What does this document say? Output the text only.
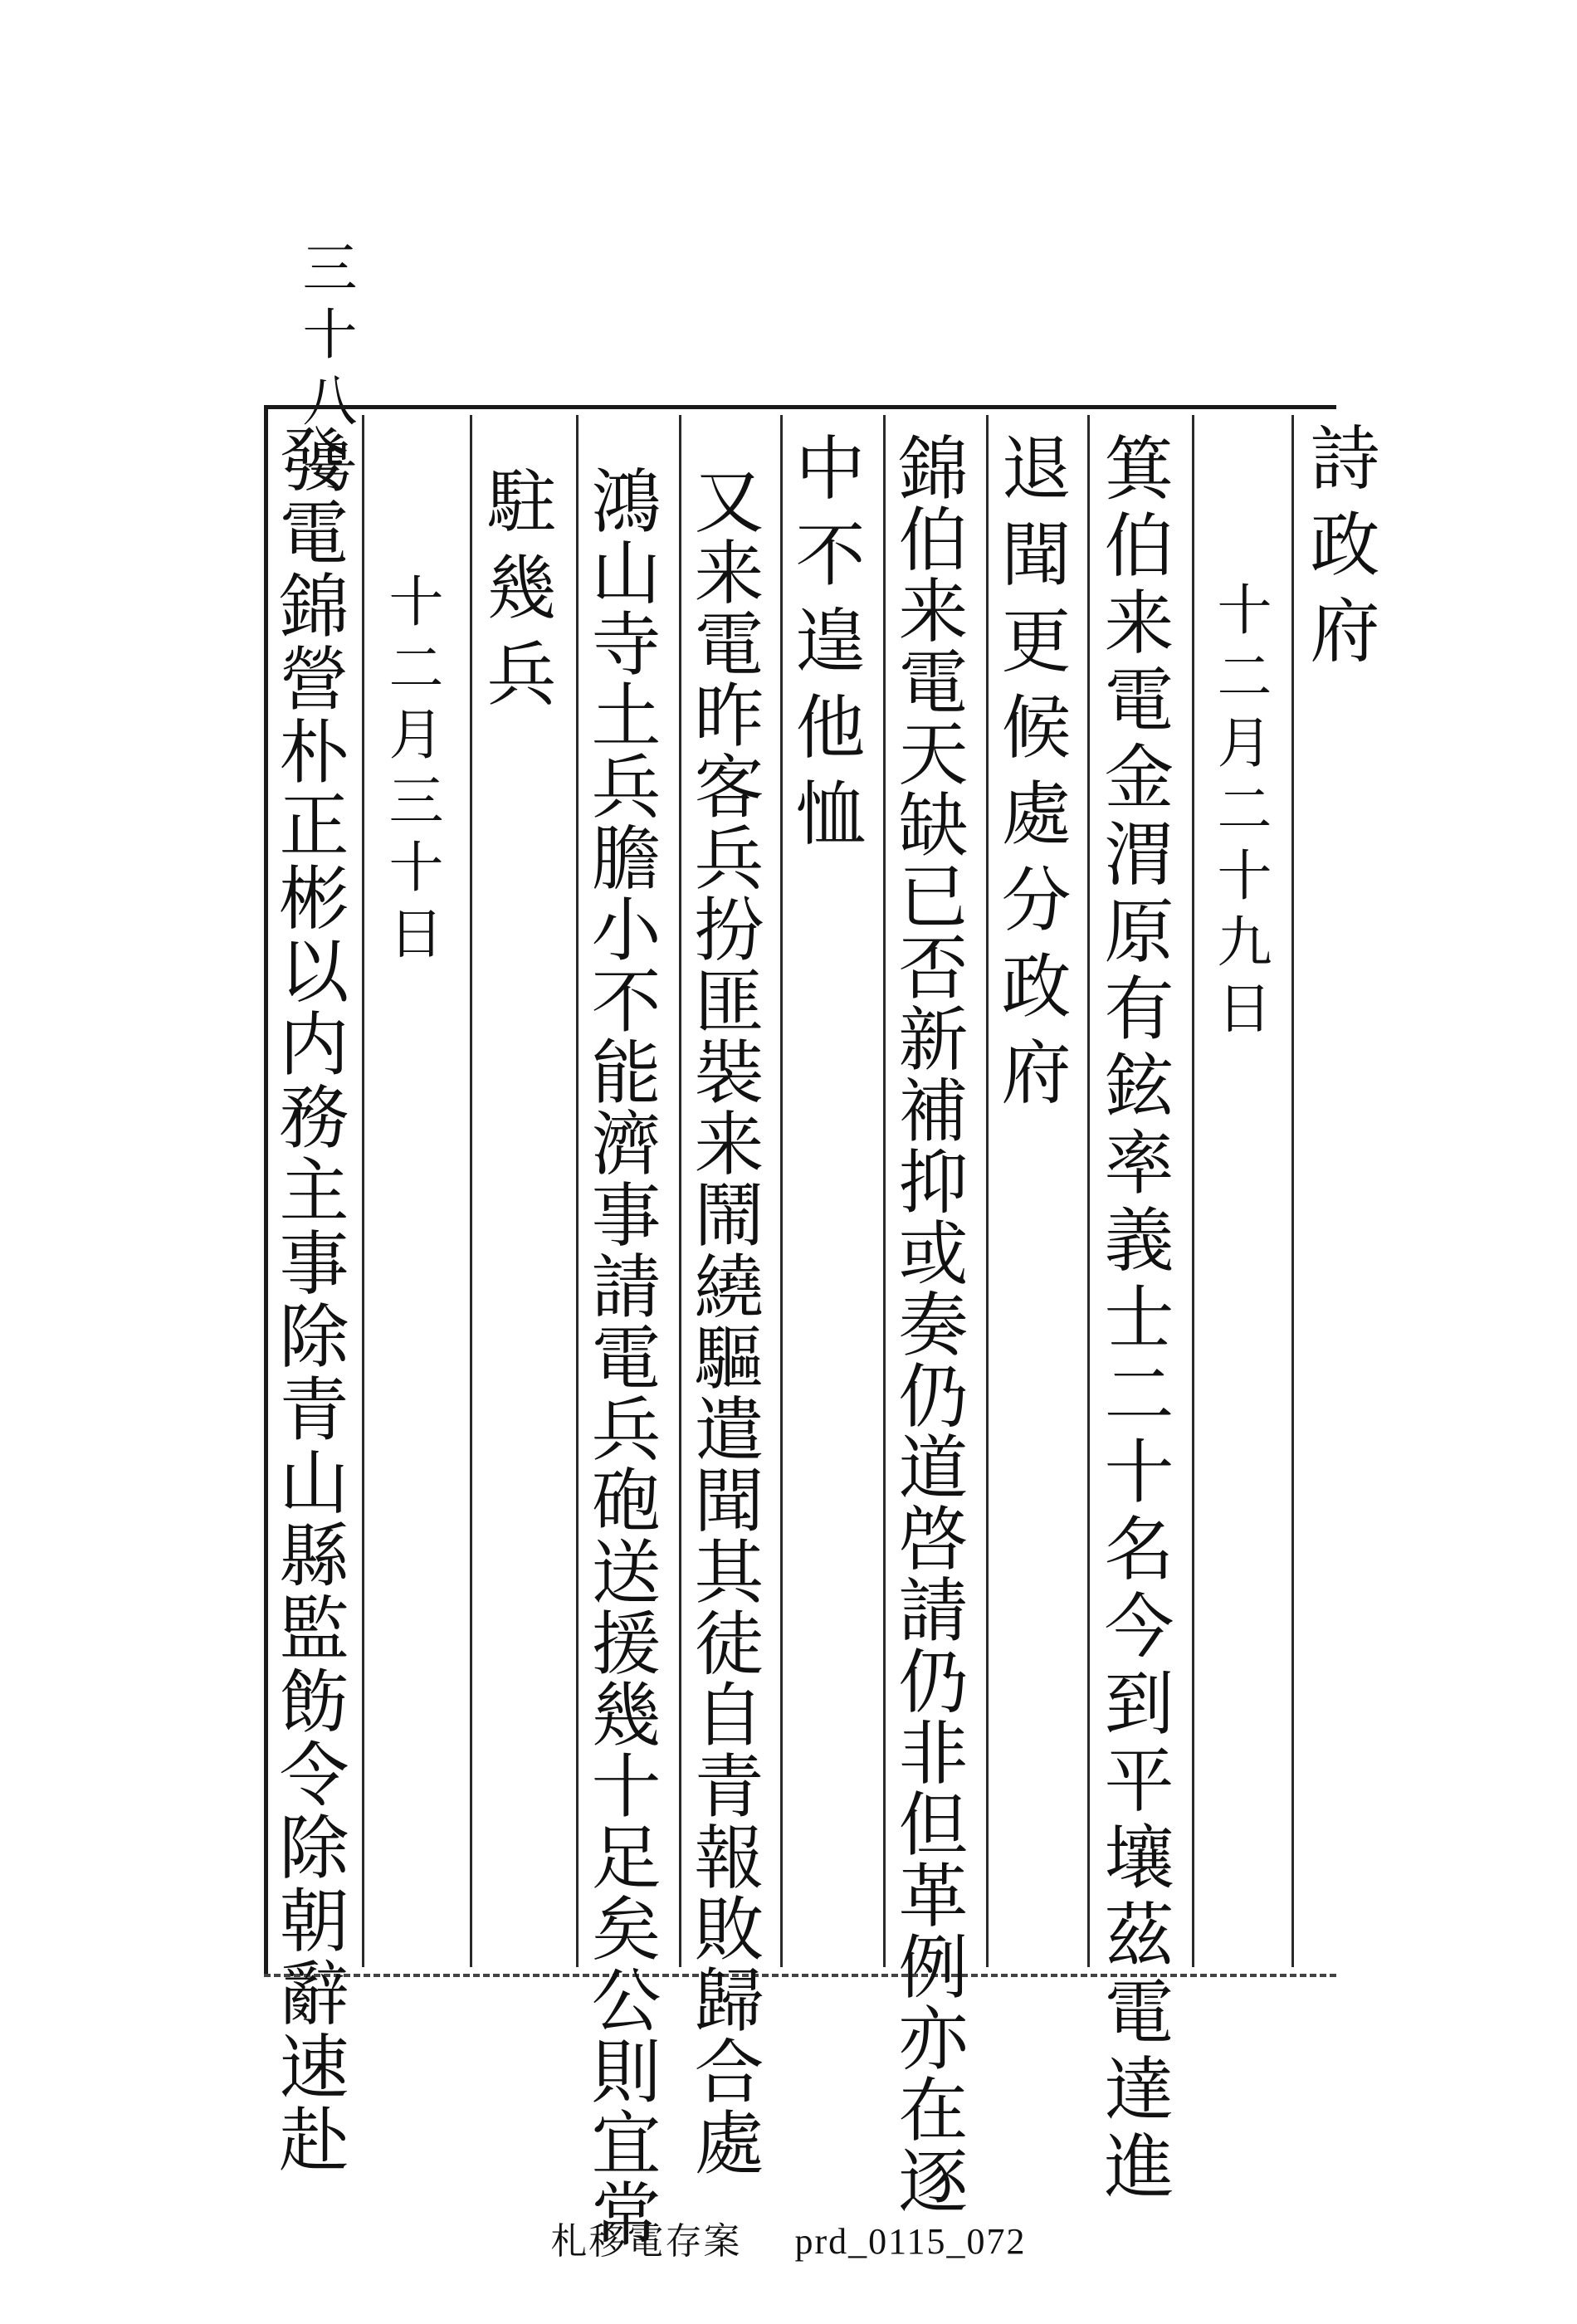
三十八号
詩政府
十二月二十九日
箕伯来電金渭原有鉉率義士二十名今到平壤茲電達進
退聞更候處分政府
錦伯来電天缺已否新補抑或奏仍道啓請仍非但革例亦在逐
中不遑他恤
又来電昨客兵扮匪裝来鬧繞驅遣聞其徒自青報敗歸合處
鴻山寺土兵膽小不能濟事請電兵砲送援幾十足矣公則宜常
駐幾兵
十二月三十日
發電錦營朴正彬以内務主事除青山縣監飭令除朝辭速赴
札移電存案 prd_0115_072
